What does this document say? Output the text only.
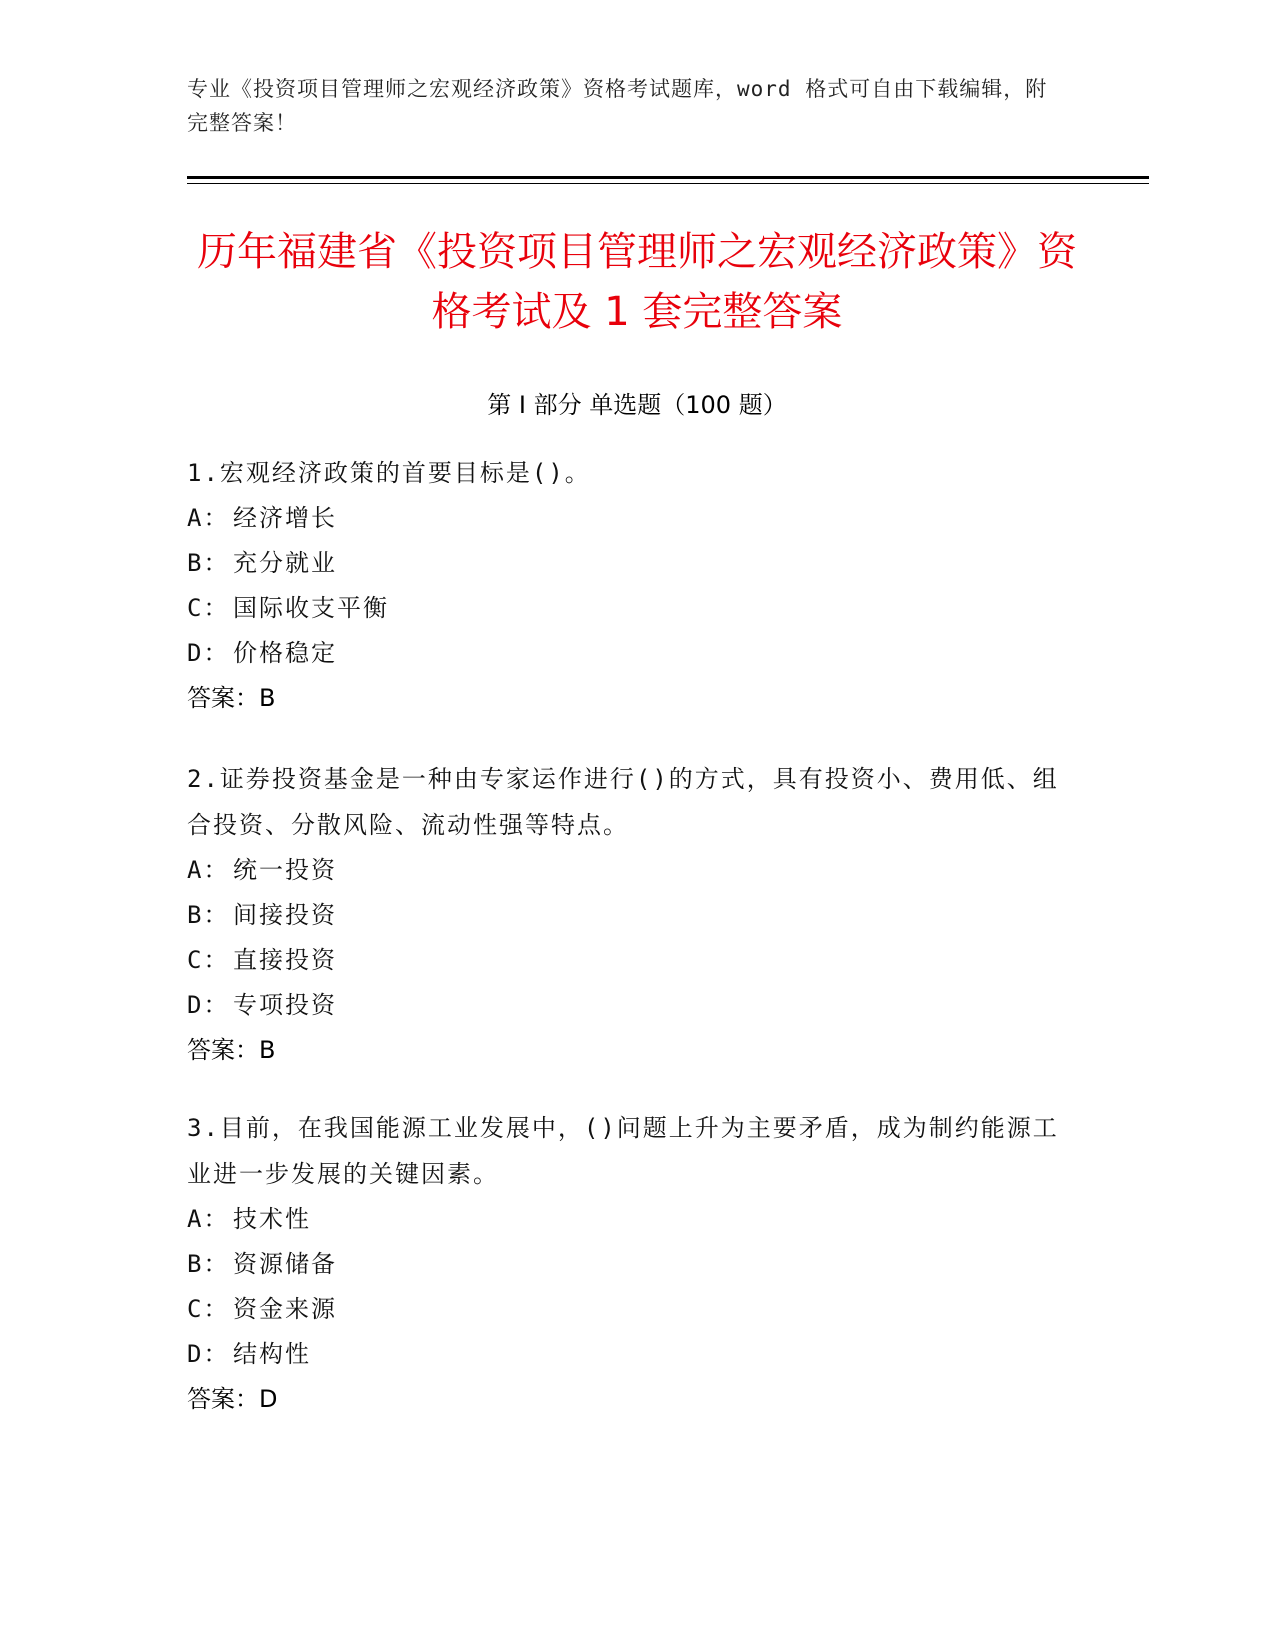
专业《投资项目管理师之宏观经济政策》资格考试题库，word 格式可自由下载编辑，附完整答案！
历年福建省《投资项目管理师之宏观经济政策》资格考试及 1 套完整答案
第 I 部分 单选题（100 题）
1.宏观经济政策的首要目标是()。
A： 经济增长
B： 充分就业
C： 国际收支平衡
D： 价格稳定
答案：B
2.证券投资基金是一种由专家运作进行()的方式，具有投资小、费用低、组合投资、分散风险、流动性强等特点。
A： 统一投资
B： 间接投资
C： 直接投资
D： 专项投资
答案：B
3.目前，在我国能源工业发展中，()问题上升为主要矛盾，成为制约能源工业进一步发展的关键因素。
A： 技术性
B： 资源储备
C： 资金来源
D： 结构性
答案：D
